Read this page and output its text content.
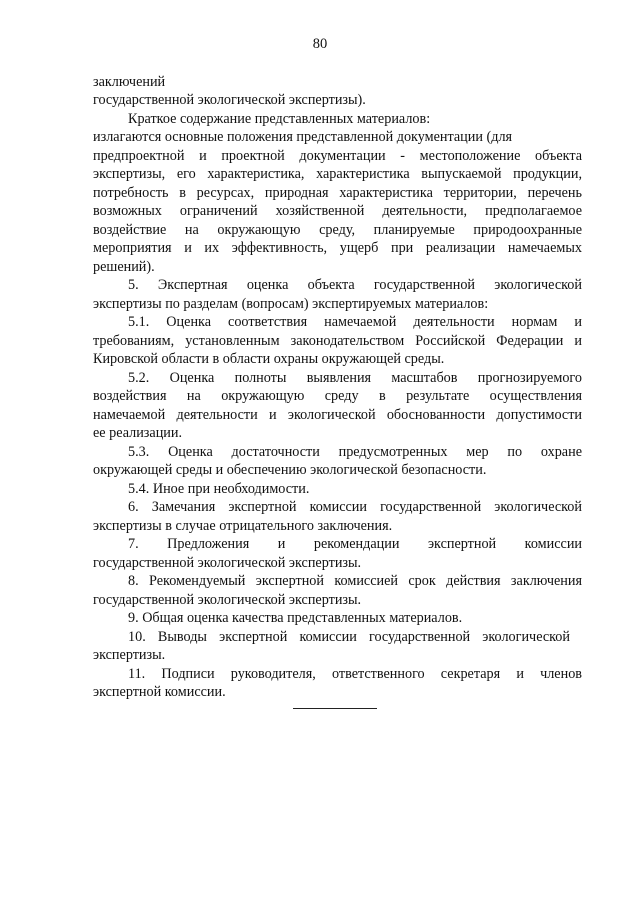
80
заключений
государственной экологической экспертизы).
Краткое содержание представленных материалов:
излагаются основные положения представленной документации (для
предпроектной и проектной документации - местоположение объекта
экспертизы, его характеристика, характеристика выпускаемой продукции,
потребность в ресурсах, природная характеристика территории, перечень
возможных ограничений хозяйственной деятельности, предполагаемое
воздействие на окружающую среду, планируемые природоохранные
мероприятия и их эффективность, ущерб при реализации намечаемых
решений).
5. Экспертная оценка объекта государственной экологической
экспертизы по разделам (вопросам) экспертируемых материалов:
5.1. Оценка соответствия намечаемой деятельности нормам и
требованиям, установленным законодательством Российской Федерации и
Кировской области в области охраны окружающей среды.
5.2. Оценка полноты выявления масштабов прогнозируемого
воздействия на окружающую среду в результате осуществления
намечаемой деятельности и экологической обоснованности допустимости
ее реализации.
5.3. Оценка достаточности предусмотренных мер по охране
окружающей среды и обеспечению экологической безопасности.
5.4. Иное при необходимости.
6. Замечания экспертной комиссии государственной экологической
экспертизы в случае отрицательного заключения.
7. Предложения и рекомендации экспертной комиссии
государственной экологической экспертизы.
8. Рекомендуемый экспертной комиссией срок действия заключения
государственной экологической экспертизы.
9. Общая оценка качества представленных материалов.
10. Выводы экспертной комиссии государственной экологической
экспертизы.
11. Подписи руководителя, ответственного секретаря и членов
экспертной комиссии.
